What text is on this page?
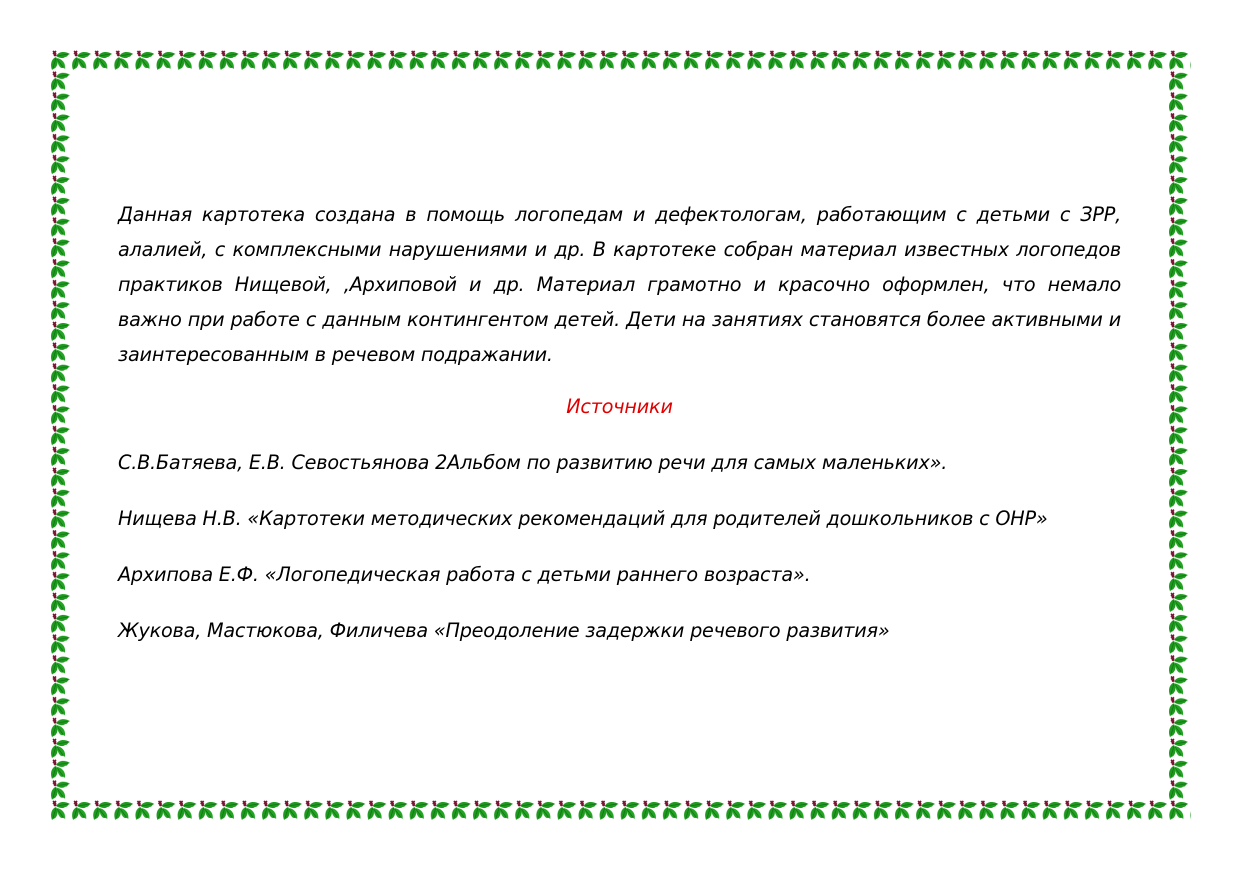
Данная картотека создана в помощь логопедам и дефектологам, работающим с детьми с ЗРР, алалией, с комплексными нарушениями и др. В картотеке собран материал известных логопедов практиков Нищевой, ,Архиповой и др. Материал грамотно и красочно оформлен, что немало важно при работе с данным контингентом детей. Дети на занятиях становятся более активными и заинтересованным в речевом подражании.

Источники

С.В.Батяева, Е.В. Севостьянова 2Альбом по развитию речи для самых маленьких».
Нищева Н.В. «Картотеки методических рекомендаций для родителей дошкольников с ОНР»
Архипова Е.Ф. «Логопедическая работа с детьми раннего возраста».
Жукова, Мастюкова, Филичева «Преодоление задержки речевого развития»
